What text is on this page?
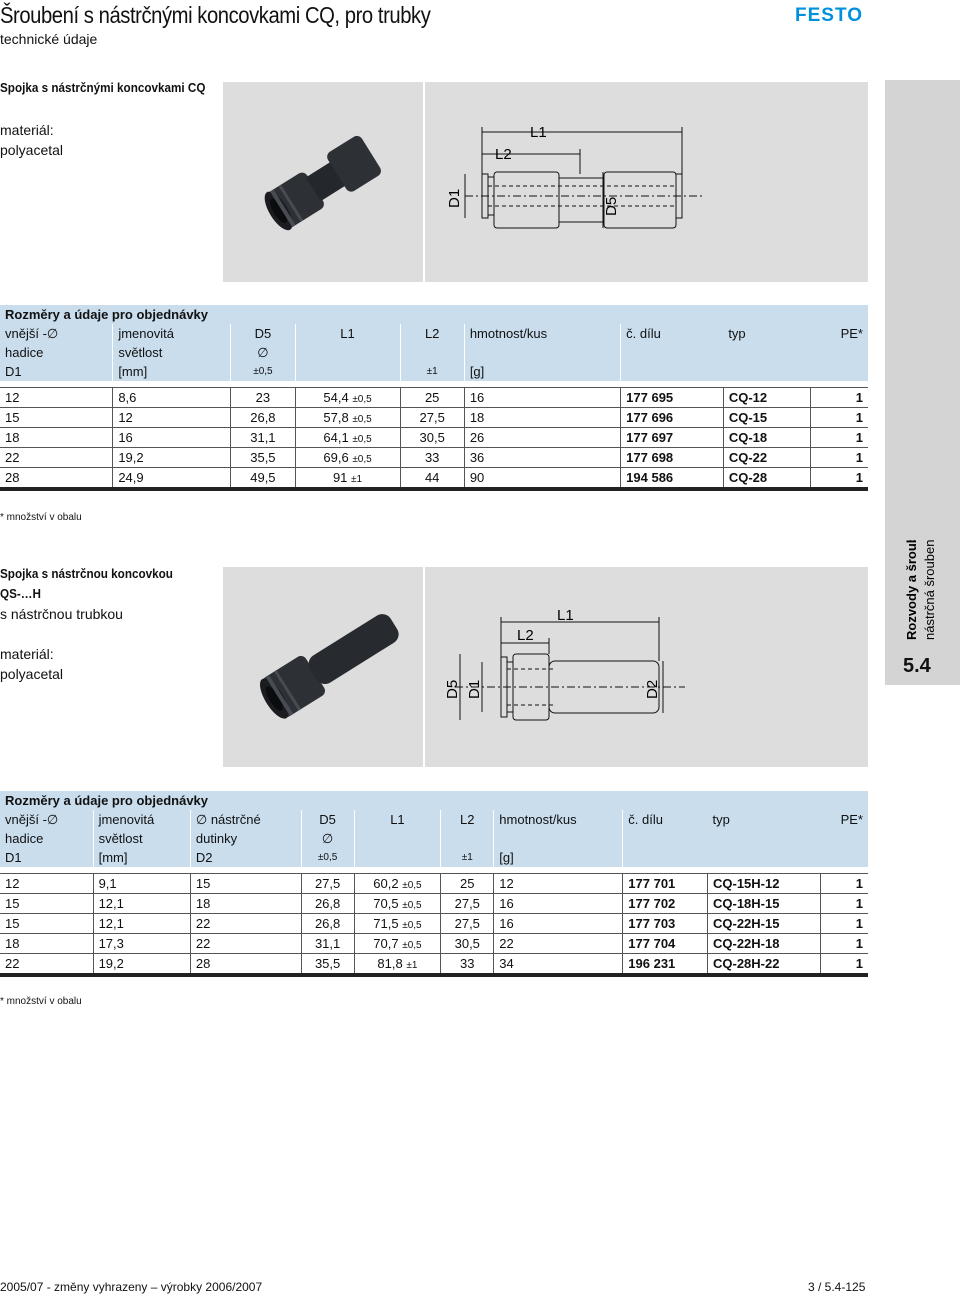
Šroubení s nástrčnými koncovkami CQ, pro trubky
technické údaje
FESTO
Spojka s nástrčnými koncovkami CQ
materiál:
polyacetal
L1
L2
D1	D5
Rozměry a údaje pro objednávky								
vnější -∅	jmenovitá	D5	L1	L2	hmotnost/kus	č. dílu	typ	PE*
hadice	světlost	∅						
D1	[mm]	±0,5		±1	[g]			

12	8,6	23	54,4 ±0,5	25	16	177 695	CQ-12	1
15	12	26,8	57,8 ±0,5	27,5	18	177 696	CQ-15	1
18	16	31,1	64,1 ±0,5	30,5	26	177 697	CQ-18	1
22	19,2	35,5	69,6 ±0,5	33	36	177 698	CQ-22	1
28	24,9	49,5	91 ±1	44	90	194 586	CQ-28	1
* množství v obalu
Spojka s nástrčnou koncovkou
QS-…H
s nástrčnou trubkou
materiál:
polyacetal
L1
L2
D5 D1	D2
Rozměry a údaje pro objednávky									
vnější -∅	jmenovitá	∅ nástrčné	D5	L1	L2	hmotnost/kus	č. dílu	typ	PE*
hadice	světlost	dutinky	∅						
D1	[mm]	D2	±0,5		±1	[g]			

12	9,1	15	27,5	60,2 ±0,5	25	12	177 701	CQ-15H-12	1
15	12,1	18	26,8	70,5 ±0,5	27,5	16	177 702	CQ-18H-15	1
15	12,1	22	26,8	71,5 ±0,5	27,5	16	177 703	CQ-22H-15	1
18	17,3	22	31,1	70,7 ±0,5	30,5	22	177 704	CQ-22H-18	1
22	19,2	28	35,5	81,8 ±1	33	34	196 231	CQ-28H-22	1
* množství v obalu
Rozvody a šroubení nástrčná šroubení
5.4
2005/07 - změny vyhrazeny – výrobky 2006/2007	3 / 5.4-125
